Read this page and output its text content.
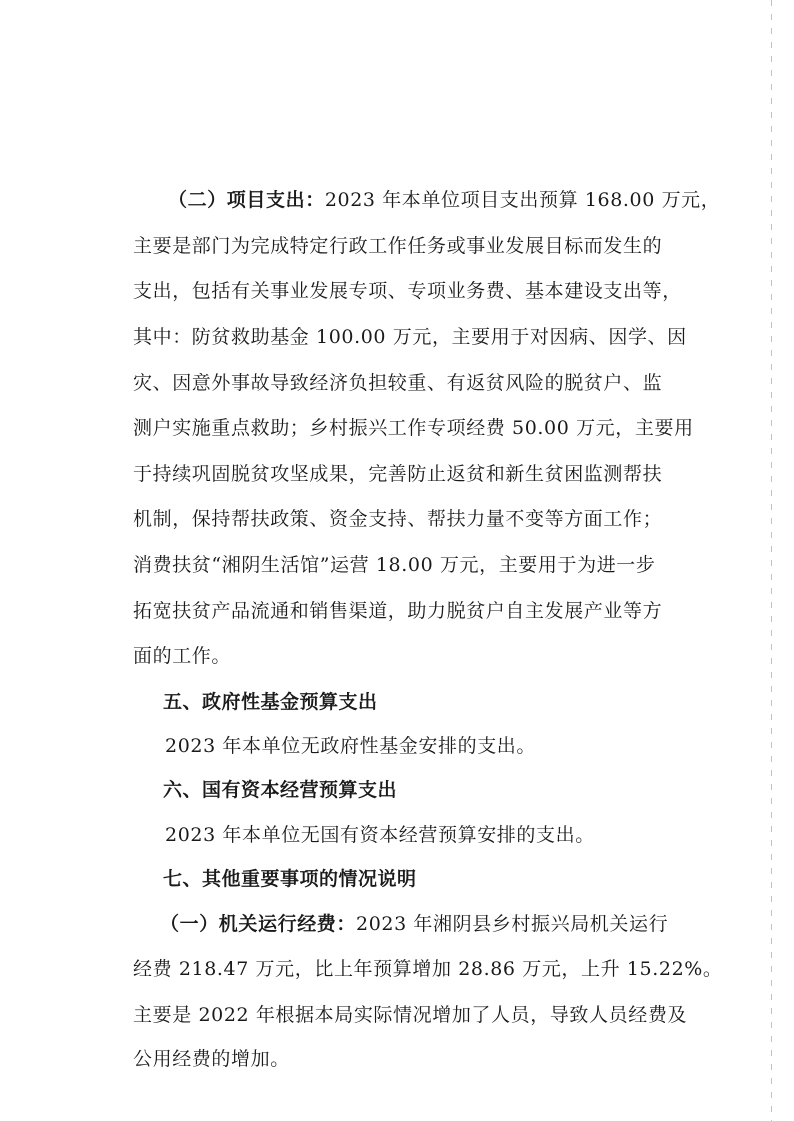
（二）项目支出：2023 年本单位项目支出预算 168.00 万元，
主要是部门为完成特定行政工作任务或事业发展目标而发生的
支出，包括有关事业发展专项、专项业务费、基本建设支出等，
其中：防贫救助基金 100.00 万元，主要用于对因病、因学、因
灾、因意外事故导致经济负担较重、有返贫风险的脱贫户、监
测户实施重点救助；乡村振兴工作专项经费 50.00 万元，主要用
于持续巩固脱贫攻坚成果，完善防止返贫和新生贫困监测帮扶
机制，保持帮扶政策、资金支持、帮扶力量不变等方面工作；
消费扶贫“湘阴生活馆”运营 18.00 万元，主要用于为进一步
拓宽扶贫产品流通和销售渠道，助力脱贫户自主发展产业等方
面的工作。
五、政府性基金预算支出
2023 年本单位无政府性基金安排的支出。
六、国有资本经营预算支出
2023 年本单位无国有资本经营预算安排的支出。
七、其他重要事项的情况说明
（一）机关运行经费：2023 年湘阴县乡村振兴局机关运行
经费 218.47 万元，比上年预算增加 28.86 万元，上升 15.22%。
主要是 2022 年根据本局实际情况增加了人员，导致人员经费及
公用经费的增加。
